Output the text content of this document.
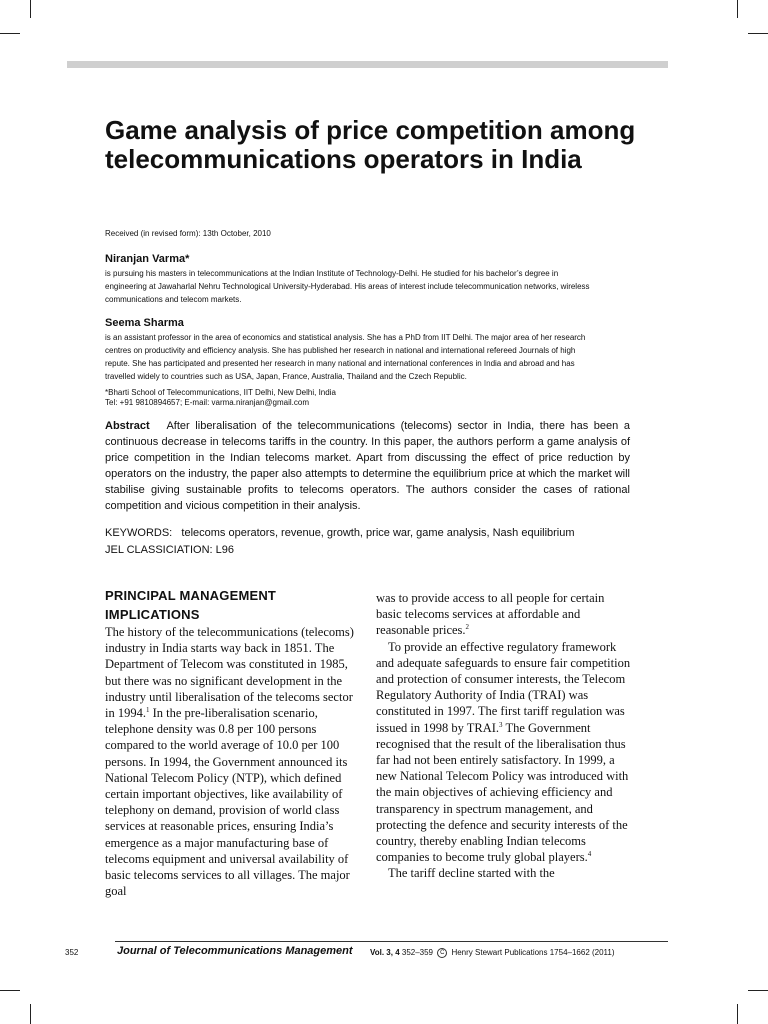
Game analysis of price competition among telecommunications operators in India
Received (in revised form): 13th October, 2010
Niranjan Varma*
is pursuing his masters in telecommunications at the Indian Institute of Technology-Delhi. He studied for his bachelor’s degree in
engineering at Jawaharlal Nehru Technological University-Hyderabad. His areas of interest include telecommunication networks, wireless
communications and telecom markets.
Seema Sharma
is an assistant professor in the area of economics and statistical analysis. She has a PhD from IIT Delhi. The major area of her research
centres on productivity and efficiency analysis. She has published her research in national and international refereed Journals of high
repute. She has participated and presented her research in many national and international conferences in India and abroad and has
travelled widely to countries such as USA, Japan, France, Australia, Thailand and the Czech Republic.
*Bharti School of Telecommunications, IIT Delhi, New Delhi, India
Tel: +91 9810894657; E-mail: varma.niranjan@gmail.com
Abstract After liberalisation of the telecommunications (telecoms) sector in India, there has been a continuous decrease in telecoms tariffs in the country. In this paper, the authors perform a game analysis of price competition in the Indian telecoms market. Apart from discussing the effect of price reduction by operators on the industry, the paper also attempts to determine the equilibrium price at which the market will stabilise giving sustainable profits to telecoms operators. The authors consider the cases of rational competition and vicious competition in their analysis.
KEYWORDS:   telecoms operators, revenue, growth, price war, game analysis, Nash equilibrium
JEL CLASSICIATION: L96
PRINCIPAL MANAGEMENT IMPLICATIONS

The history of the telecommunications (telecoms) industry in India starts way back in 1851. The Department of Telecom was constituted in 1985, but there was no significant development in the industry until liberalisation of the telecoms sector in 1994.$^1$ In the pre-liberalisation scenario, telephone density was 0.8 per 100 persons compared to the world average of 10.0 per 100 persons. In 1994, the Government announced its National Telecom Policy (NTP), which defined certain important objectives, like availability of telephony on demand, provision of world class services at reasonable prices, ensuring India’s emergence as a major manufacturing base of telecoms equipment and universal availability of basic telecoms services to all villages. The major goal

was to provide access to all people for certain basic telecoms services at affordable and reasonable prices.$^2$

To provide an effective regulatory framework and adequate safeguards to ensure fair competition and protection of consumer interests, the Telecom Regulatory Authority of India (TRAI) was constituted in 1997. The first tariff regulation was issued in 1998 by TRAI.$^3$ The Government recognised that the result of the liberalisation thus far had not been entirely satisfactory. In 1999, a new National Telecom Policy was introduced with the main objectives of achieving efficiency and transparency in spectrum management, and protecting the defence and security interests of the country, thereby enabling Indian telecoms companies to become truly global players.$^4$

The tariff decline started with the

352	Journal of Telecommunications Management Vol. 3, 4 352–359 C Henry Stewart Publications 1754–1662 (2011)
